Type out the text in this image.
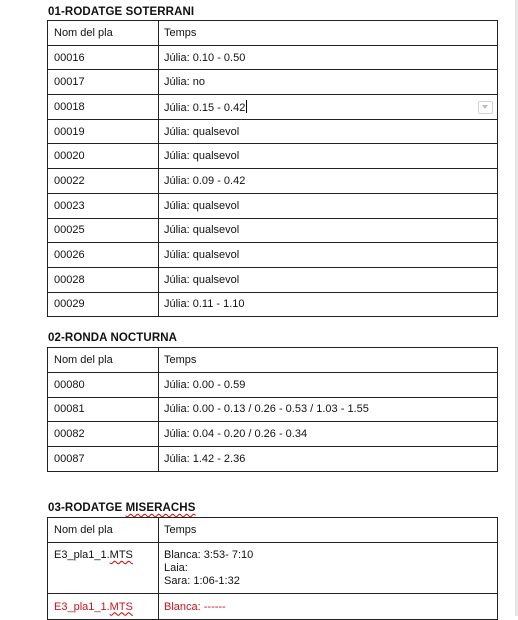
01-RODATGE SOTERRANI
Nom del pla	Temps
00016	Júlia: 0.10 - 0.50
00017	Júlia: no
00018	Júlia: 0.15 - 0.42

00019	Júlia: qualsevol
00020	Júlia: qualsevol
00022	Júlia: 0.09 - 0.42
00023	Júlia: qualsevol
00025	Júlia: qualsevol
00026	Júlia: qualsevol
00028	Júlia: qualsevol
00029	Júlia: 0.11 - 1.10
02-RONDA NOCTURNA
Nom del pla	Temps
00080	Júlia: 0.00 - 0.59
00081	Júlia: 0.00 - 0.13 / 0.26 - 0.53 / 1.03 - 1.55
00082	Júlia: 0.04 - 0.20 / 0.26 - 0.34
00087	Júlia: 1.42 - 2.36
03-RODATGE MISERACHS
Nom del pla	Temps
E3_pla1_1.MTS	Blanca: 3:53- 7:10
Laia:
Sara: 1:06-1:32

E3_pla1_1.MTS	Blanca: ------
